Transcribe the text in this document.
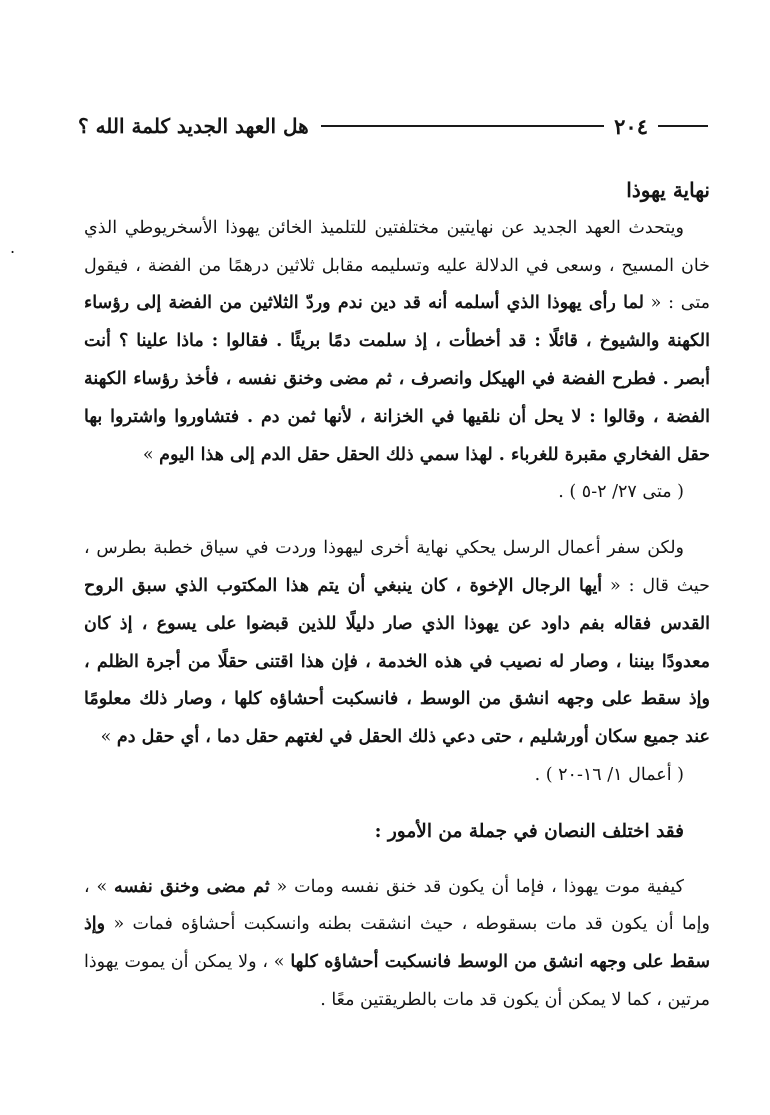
٢٠٤
هل العهد الجديد كلمة الله ؟
.

نهاية يهوذا

ويتحدث العهد الجديد عن نهايتين مختلفتين للتلميذ الخائن يهوذا الأسخريوطي الذي خان المسيح ، وسعى في الدلالة عليه وتسليمه مقابل ثلاثين درهمًا من الفضة ، فيقول متى : « لما رأى يهوذا الذي أسلمه أنه قد دين ندم وردّ الثلاثين من الفضة إلى رؤساء الكهنة والشيوخ ، قائلًا : قد أخطأت ، إذ سلمت دمًا بريئًا . فقالوا : ماذا علينا ؟ أنت أبصر . فطرح الفضة في الهيكل وانصرف ، ثم مضى وخنق نفسه ، فأخذ رؤساء الكهنة الفضة ، وقالوا : لا يحل أن نلقيها في الخزانة ، لأنها ثمن دم . فتشاوروا واشتروا بها حقل الفخاري مقبرة للغرباء . لهذا سمي ذلك الحقل حقل الدم إلى هذا اليوم »
( متى ٢٧/ ٢-٥ ) .

ولكن سفر أعمال الرسل يحكي نهاية أخرى ليهوذا وردت في سياق خطبة بطرس ، حيث قال : « أيها الرجال الإخوة ، كان ينبغي أن يتم هذا المكتوب الذي سبق الروح القدس فقاله بفم داود عن يهوذا الذي صار دليلًا للذين قبضوا على يسوع ، إذ كان معدودًا بيننا ، وصار له نصيب في هذه الخدمة ، فإن هذا اقتنى حقلًا من أجرة الظلم ، وإذ سقط على وجهه انشق من الوسط ، فانسكبت أحشاؤه كلها ، وصار ذلك معلومًا عند جميع سكان أورشليم ، حتى دعي ذلك الحقل في لغتهم حقل دما ، أي حقل دم »
( أعمال ١/ ١٦-٢٠ ) .

فقد اختلف النصان في جملة من الأمور :

كيفية موت يهوذا ، فإما أن يكون قد خنق نفسه ومات « ثم مضى وخنق نفسه » ، وإما أن يكون قد مات بسقوطه ، حيث انشقت بطنه وانسكبت أحشاؤه فمات « وإذ سقط على وجهه انشق من الوسط فانسكبت أحشاؤه كلها » ، ولا يمكن أن يموت يهوذا مرتين ، كما لا يمكن أن يكون قد مات بالطريقتين معًا .
